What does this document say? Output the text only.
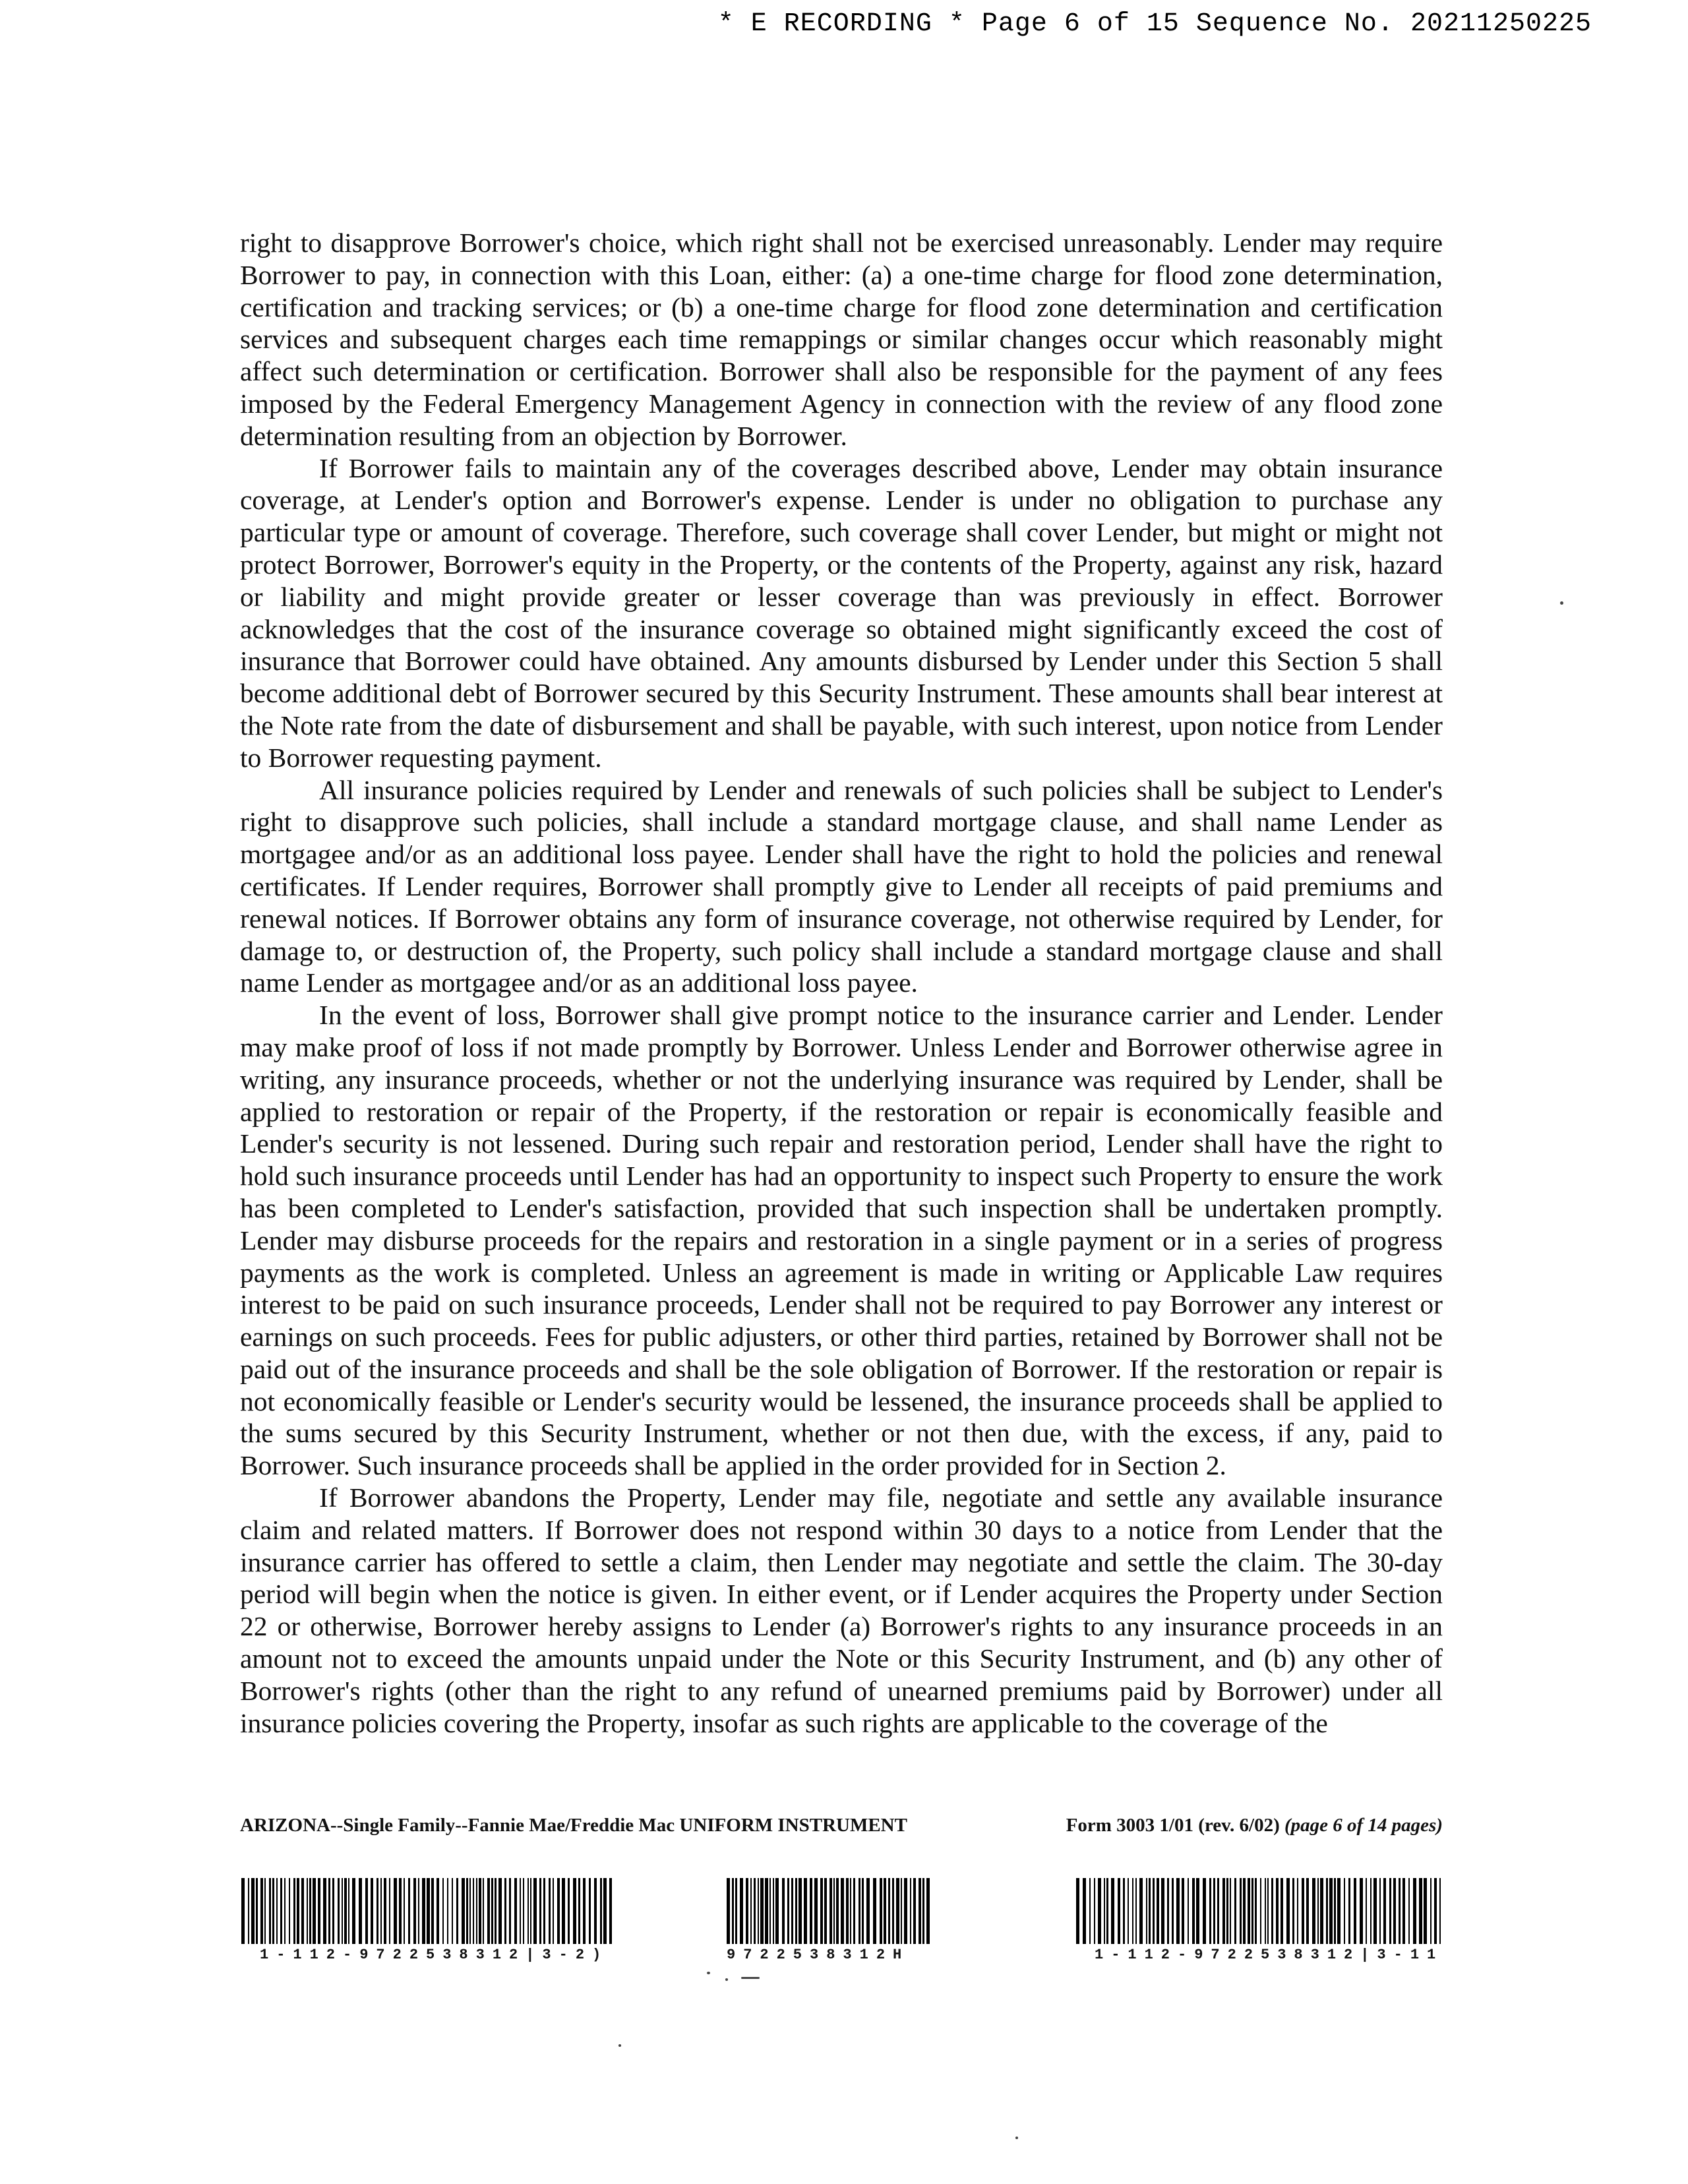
* E RECORDING * Page 6 of 15 Sequence No. 20211250225

right to disapprove Borrower's choice, which right shall not be exercised unreasonably. Lender may require Borrower to pay, in connection with this Loan, either: (a) a one-time charge for flood zone determination, certification and tracking services; or (b) a one-time charge for flood zone determination and certification services and subsequent charges each time remappings or similar changes occur which reasonably might affect such determination or certification. Borrower shall also be responsible for the payment of any fees imposed by the Federal Emergency Management Agency in connection with the review of any flood zone determination resulting from an objection by Borrower.

If Borrower fails to maintain any of the coverages described above, Lender may obtain insurance coverage, at Lender's option and Borrower's expense. Lender is under no obligation to purchase any particular type or amount of coverage. Therefore, such coverage shall cover Lender, but might or might not protect Borrower, Borrower's equity in the Property, or the contents of the Property, against any risk, hazard or liability and might provide greater or lesser coverage than was previously in effect. Borrower acknowledges that the cost of the insurance coverage so obtained might significantly exceed the cost of insurance that Borrower could have obtained. Any amounts disbursed by Lender under this Section 5 shall become additional debt of Borrower secured by this Security Instrument. These amounts shall bear interest at the Note rate from the date of disbursement and shall be payable, with such interest, upon notice from Lender to Borrower requesting payment.

All insurance policies required by Lender and renewals of such policies shall be subject to Lender's right to disapprove such policies, shall include a standard mortgage clause, and shall name Lender as mortgagee and/or as an additional loss payee. Lender shall have the right to hold the policies and renewal certificates. If Lender requires, Borrower shall promptly give to Lender all receipts of paid premiums and renewal notices. If Borrower obtains any form of insurance coverage, not otherwise required by Lender, for damage to, or destruction of, the Property, such policy shall include a standard mortgage clause and shall name Lender as mortgagee and/or as an additional loss payee.

In the event of loss, Borrower shall give prompt notice to the insurance carrier and Lender. Lender may make proof of loss if not made promptly by Borrower. Unless Lender and Borrower otherwise agree in writing, any insurance proceeds, whether or not the underlying insurance was required by Lender, shall be applied to restoration or repair of the Property, if the restoration or repair is economically feasible and Lender's security is not lessened. During such repair and restoration period, Lender shall have the right to hold such insurance proceeds until Lender has had an opportunity to inspect such Property to ensure the work has been completed to Lender's satisfaction, provided that such inspection shall be undertaken promptly. Lender may disburse proceeds for the repairs and restoration in a single payment or in a series of progress payments as the work is completed. Unless an agreement is made in writing or Applicable Law requires interest to be paid on such insurance proceeds, Lender shall not be required to pay Borrower any interest or earnings on such proceeds. Fees for public adjusters, or other third parties, retained by Borrower shall not be paid out of the insurance proceeds and shall be the sole obligation of Borrower. If the restoration or repair is not economically feasible or Lender's security would be lessened, the insurance proceeds shall be applied to the sums secured by this Security Instrument, whether or not then due, with the excess, if any, paid to Borrower. Such insurance proceeds shall be applied in the order provided for in Section 2.

If Borrower abandons the Property, Lender may file, negotiate and settle any available insurance claim and related matters. If Borrower does not respond within 30 days to a notice from Lender that the insurance carrier has offered to settle a claim, then Lender may negotiate and settle the claim. The 30-day period will begin when the notice is given. In either event, or if Lender acquires the Property under Section 22 or otherwise, Borrower hereby assigns to Lender (a) Borrower's rights to any insurance proceeds in an amount not to exceed the amounts unpaid under the Note or this Security Instrument, and (b) any other of Borrower's rights (other than the right to any refund of unearned premiums paid by Borrower) under all insurance policies covering the Property, insofar as such rights are applicable to the coverage of the

ARIZONA--Single Family--Fannie Mae/Freddie Mac UNIFORM INSTRUMENT	Form 3003 1/01 (rev. 6/02) (page 6 of 14 pages)
1-112-9722538312|3-2)	9722538312H	1-112-9722538312|3-11
